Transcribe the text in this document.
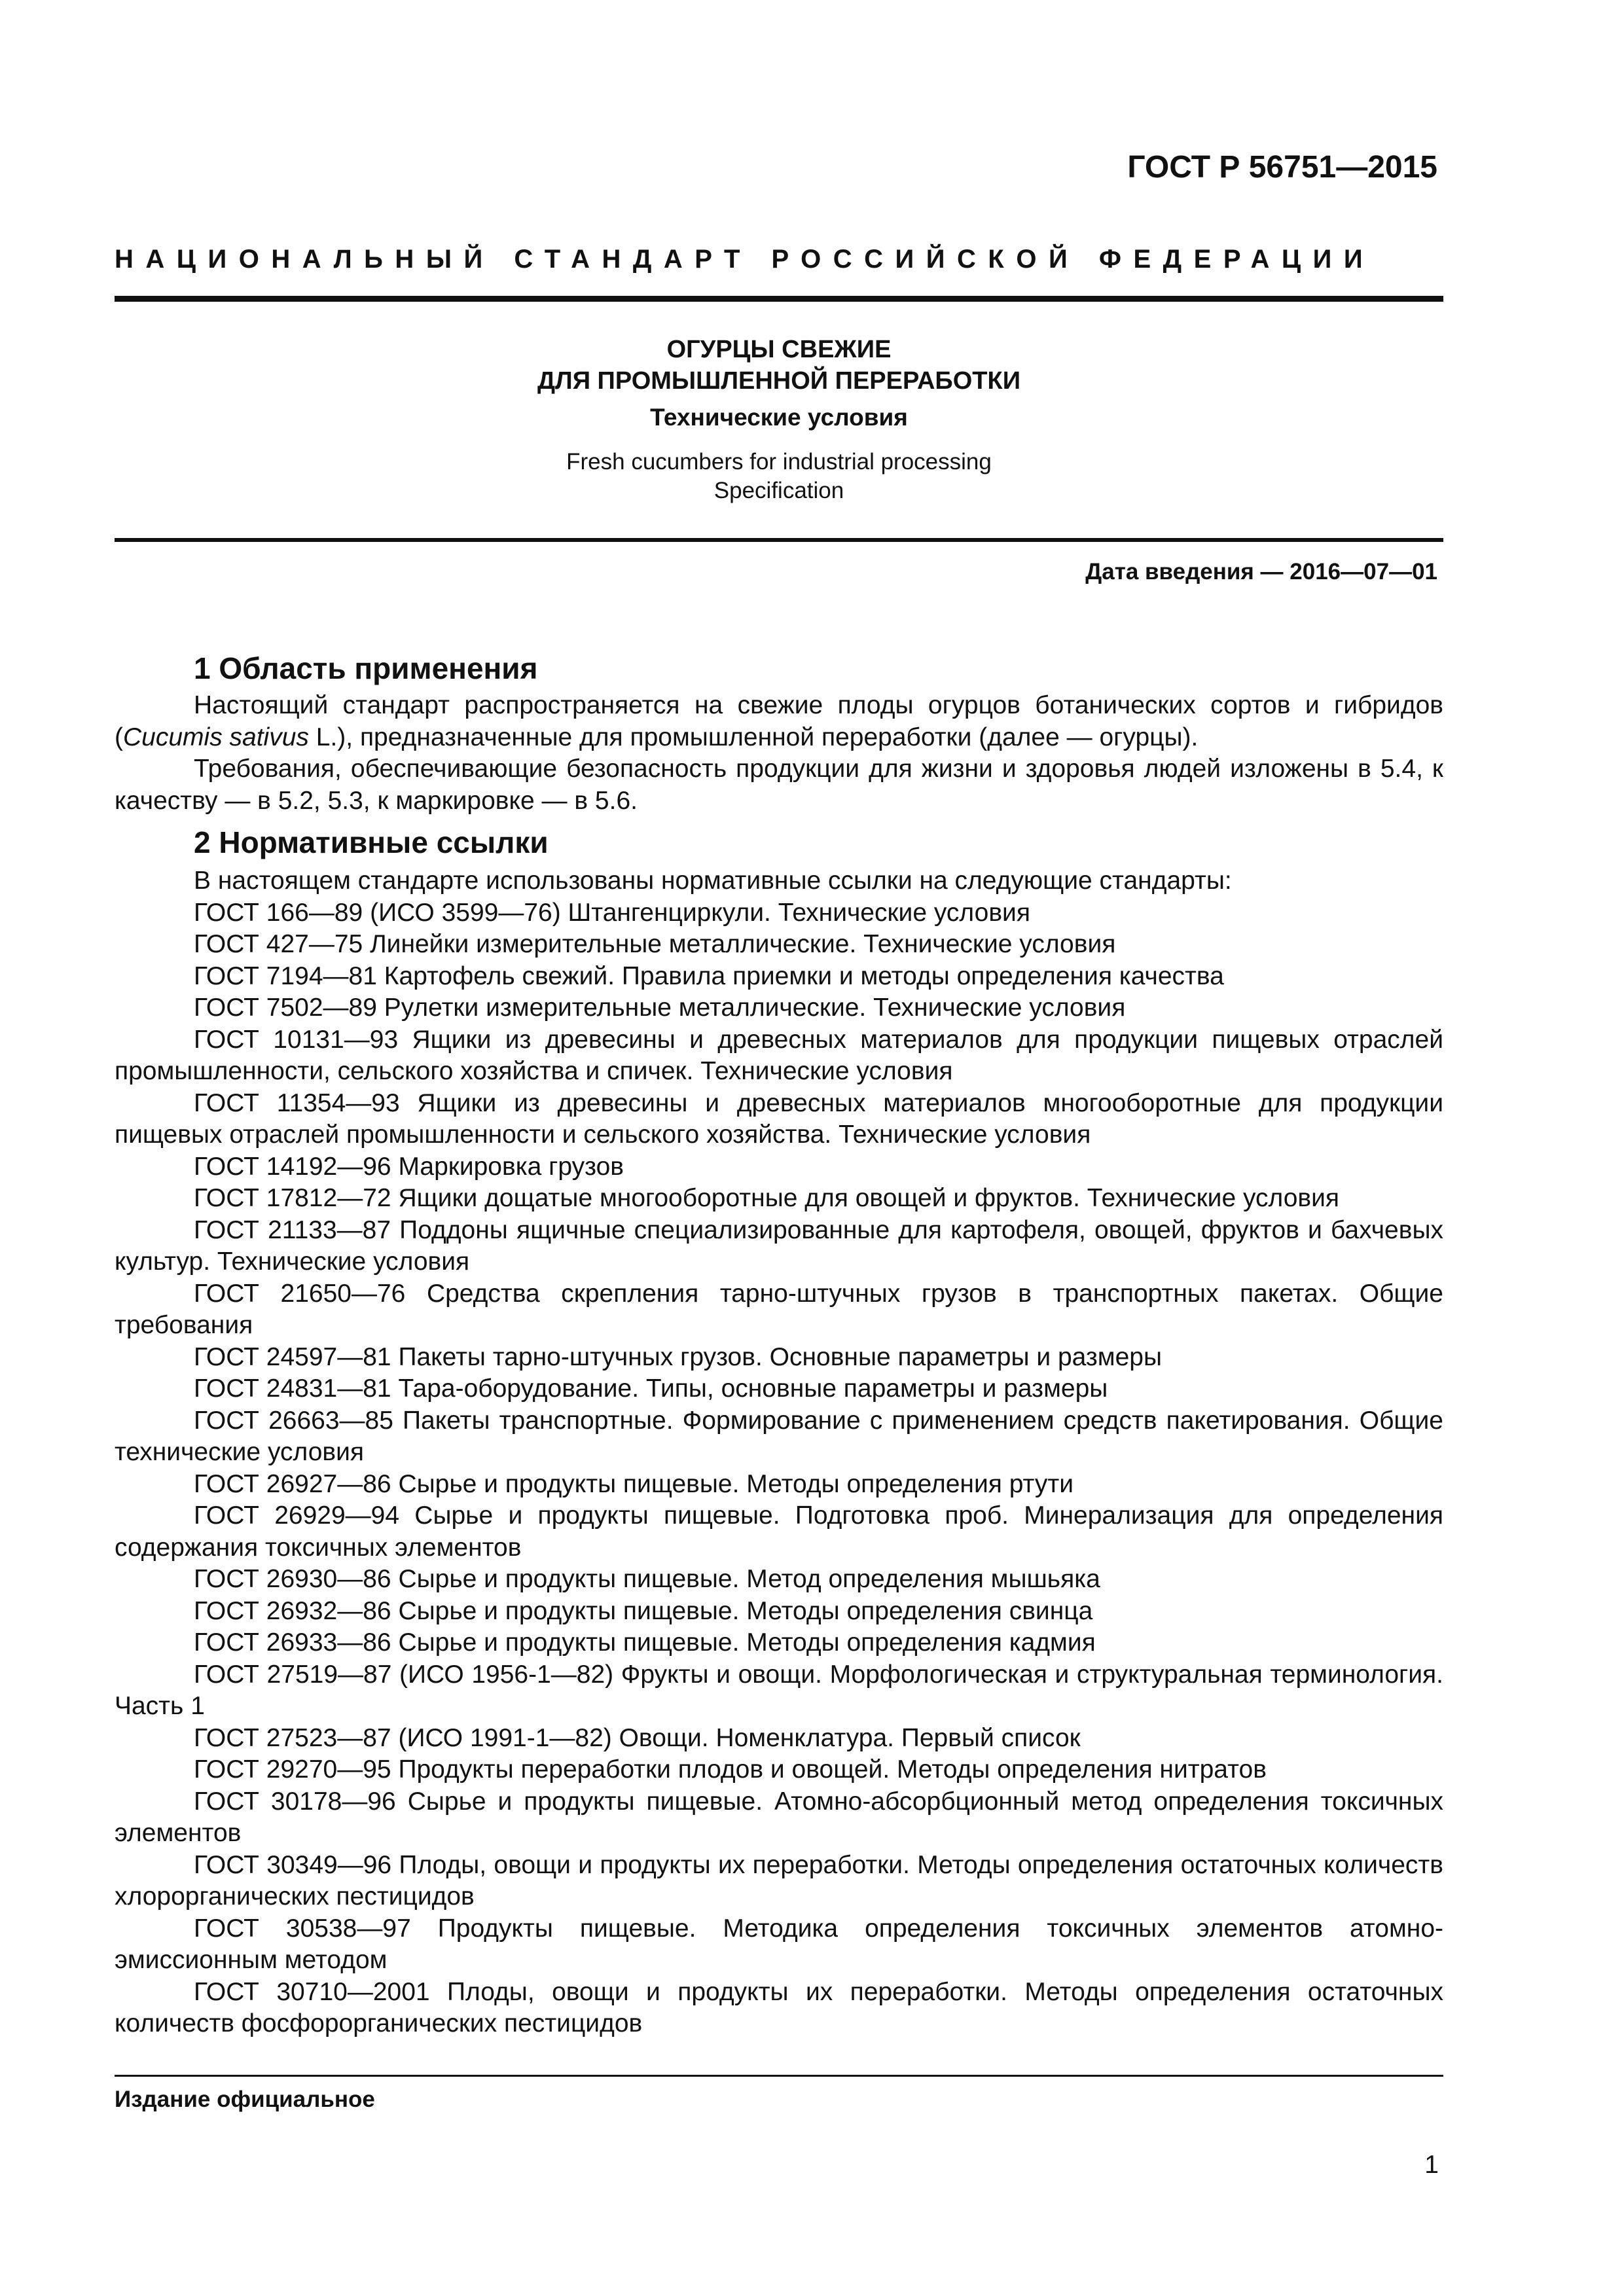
ГОСТ Р 56751—2015

НАЦИОНАЛЬНЫЙ СТАНДАРТ РОССИЙСКОЙ ФЕДЕРАЦИИ

ОГУРЦЫ СВЕЖИЕ

ДЛЯ ПРОМЫШЛЕННОЙ ПЕРЕРАБОТКИ

Технические условия

Fresh cucumbers for industrial processing

Specification

Дата введения — 2016—07—01

1 Область применения

Настоящий стандарт распространяется на свежие плоды огурцов ботанических сортов и гибридов (Cucumis sativus L.), предназначенные для промышленной переработки (далее — огурцы).

Требования, обеспечивающие безопасность продукции для жизни и здоровья людей изложены в 5.4, к качеству — в 5.2, 5.3, к маркировке — в 5.6.

2 Нормативные ссылки

В настоящем стандарте использованы нормативные ссылки на следующие стандарты:

ГОСТ 166—89 (ИСО 3599—76) Штангенциркули. Технические условия

ГОСТ 427—75 Линейки измерительные металлические. Технические условия

ГОСТ 7194—81 Картофель свежий. Правила приемки и методы определения качества

ГОСТ 7502—89 Рулетки измерительные металлические. Технические условия

ГОСТ 10131—93 Ящики из древесины и древесных материалов для продукции пищевых отраслей промышленности, сельского хозяйства и спичек. Технические условия

ГОСТ 11354—93 Ящики из древесины и древесных материалов многооборотные для продукции пищевых отраслей промышленности и сельского хозяйства. Технические условия

ГОСТ 14192—96 Маркировка грузов

ГОСТ 17812—72 Ящики дощатые многооборотные для овощей и фруктов. Технические условия

ГОСТ 21133—87 Поддоны ящичные специализированные для картофеля, овощей, фруктов и бахчевых культур. Технические условия

ГОСТ 21650—76 Средства скрепления тарно-штучных грузов в транспортных пакетах. Общие требования

ГОСТ 24597—81 Пакеты тарно-штучных грузов. Основные параметры и размеры

ГОСТ 24831—81 Тара-оборудование. Типы, основные параметры и размеры

ГОСТ 26663—85 Пакеты транспортные. Формирование с применением средств пакетирования. Общие технические условия

ГОСТ 26927—86 Сырье и продукты пищевые. Методы определения ртути

ГОСТ 26929—94 Сырье и продукты пищевые. Подготовка проб. Минерализация для определения содержания токсичных элементов

ГОСТ 26930—86 Сырье и продукты пищевые. Метод определения мышьяка

ГОСТ 26932—86 Сырье и продукты пищевые. Методы определения свинца

ГОСТ 26933—86 Сырье и продукты пищевые. Методы определения кадмия

ГОСТ 27519—87 (ИСО 1956-1—82) Фрукты и овощи. Морфологическая и структуральная терминология. Часть 1

ГОСТ 27523—87 (ИСО 1991-1—82) Овощи. Номенклатура. Первый список

ГОСТ 29270—95 Продукты переработки плодов и овощей. Методы определения нитратов

ГОСТ 30178—96 Сырье и продукты пищевые. Атомно-абсорбционный метод определения токсичных элементов

ГОСТ 30349—96 Плоды, овощи и продукты их переработки. Методы определения остаточных количеств хлорорганических пестицидов

ГОСТ 30538—97 Продукты пищевые. Методика определения токсичных элементов атомно-эмиссионным методом

ГОСТ 30710—2001 Плоды, овощи и продукты их переработки. Методы определения остаточных количеств фосфорорганических пестицидов

Издание официальное

1
